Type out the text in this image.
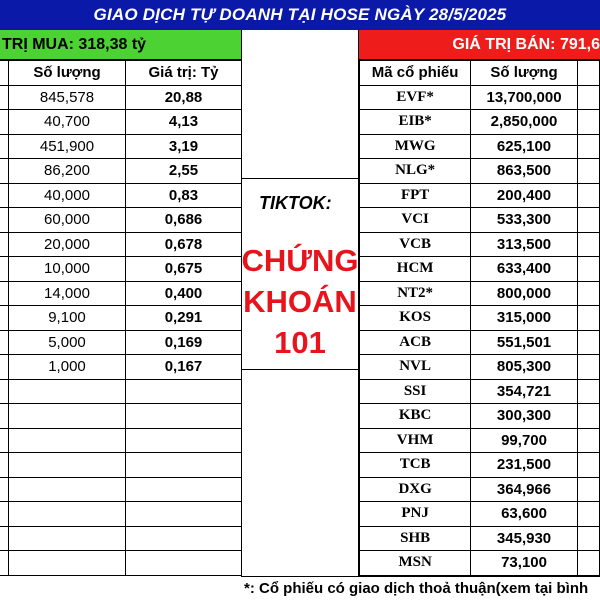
GIAO DỊCH TỰ DOANH TẠI HOSE NGÀY 28/5/2025
TRỊ MUA: 318,38 tỷ	GIÁ TRỊ BÁN: 791,6
TIKTOK:
CHỨNG
KHOÁN
101
	Số lượng	Giá trị: Tỷ
	845,578	20,88
	40,700	4,13
	451,900	3,19
	86,200	2,55
	40,000	0,83
	60,000	0,686
	20,000	0,678
	10,000	0,675
	14,000	0,400
	9,100	0,291
	5,000	0,169
	1,000	0,167

Mã cổ phiếu	Số lượng	
EVF*	13,700,000	
EIB*	2,850,000	
MWG	625,100	
NLG*	863,500	
FPT	200,400	
VCI	533,300	
VCB	313,500	
HCM	633,400	
NT2*	800,000	
KOS	315,000	
ACB	551,501	
NVL	805,300	
SSI	354,721	
KBC	300,300	
VHM	99,700	
TCB	231,500	
DXG	364,966	
PNJ	63,600	
SHB	345,930	
MSN	73,100	
*: Cổ phiếu có giao dịch thoả thuận(xem tại bình
